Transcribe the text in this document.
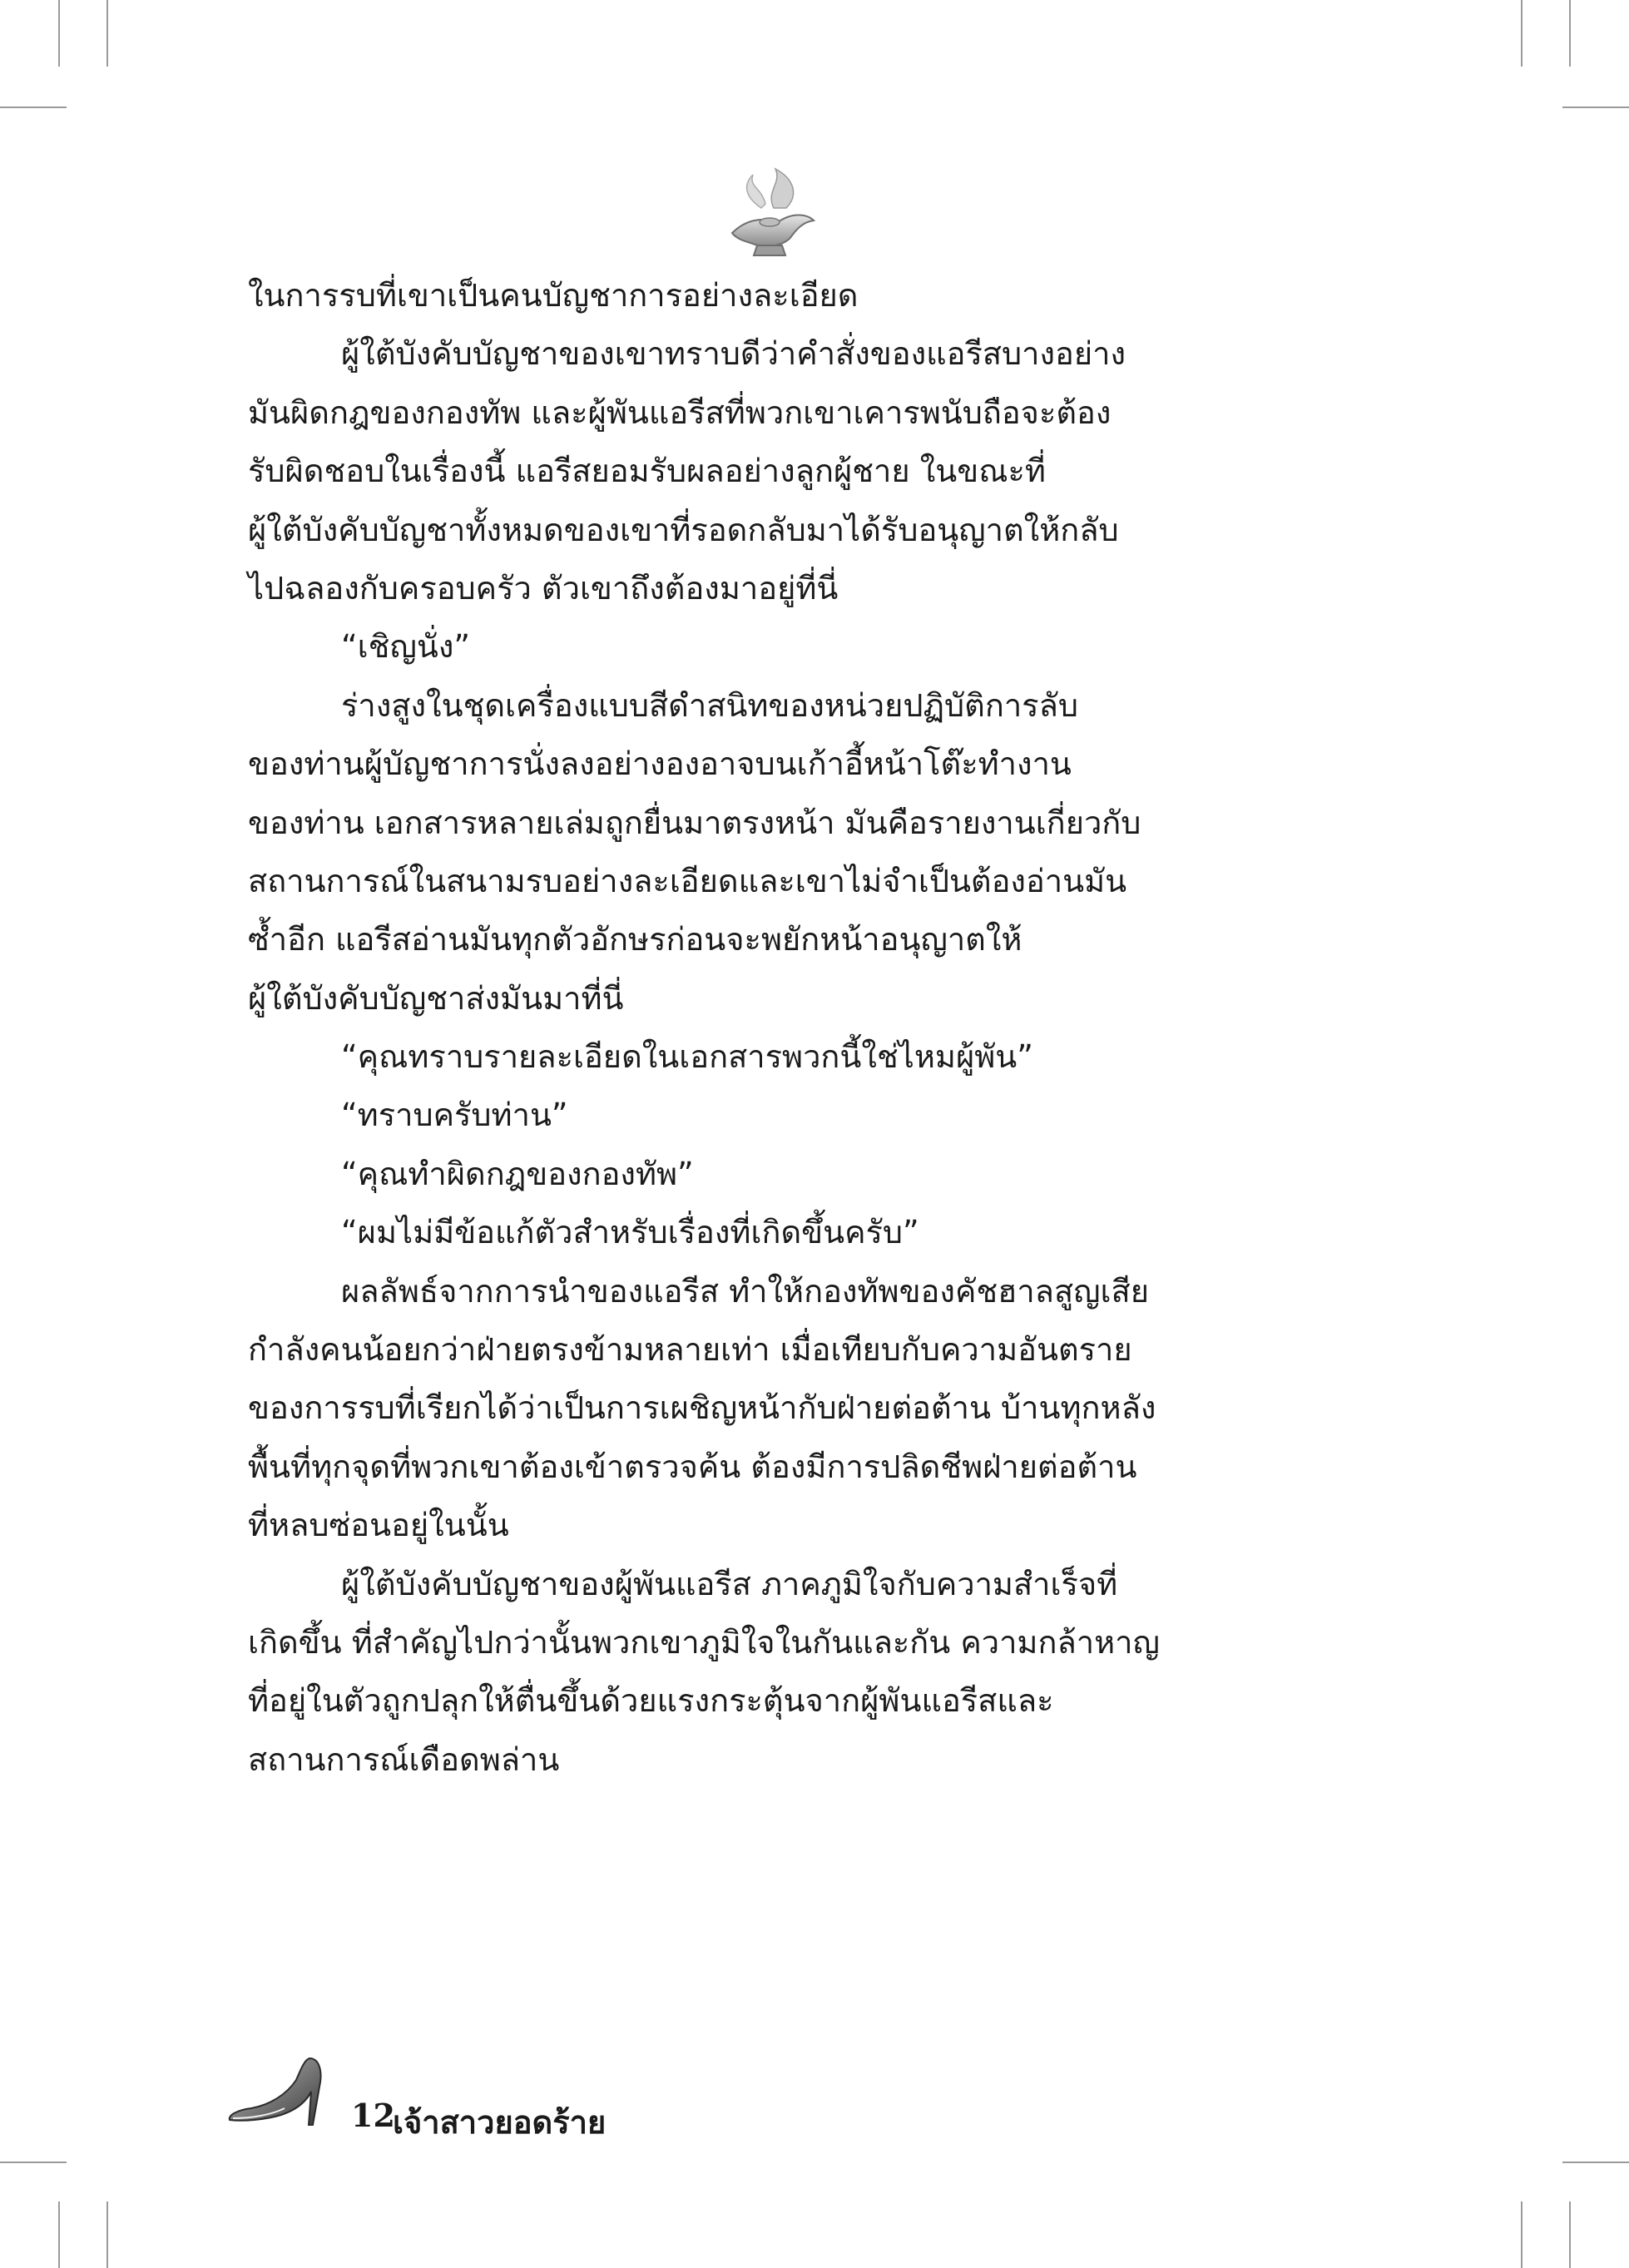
ในการรบที่เขาเป็นคนบัญชาการอย่างละเอียด
ผู้ใต้บังคับบัญชาของเขาทราบดีว่าคำสั่งของแอรีสบางอย่าง
มันผิดกฎของกองทัพ และผู้พันแอรีสที่พวกเขาเคารพนับถือจะต้อง
รับผิดชอบในเรื่องนี้ แอรีสยอมรับผลอย่างลูกผู้ชาย ในขณะที่
ผู้ใต้บังคับบัญชาทั้งหมดของเขาที่รอดกลับมาได้รับอนุญาตให้กลับ
ไปฉลองกับครอบครัว ตัวเขาถึงต้องมาอยู่ที่นี่
“เชิญนั่ง”
ร่างสูงในชุดเครื่องแบบสีดำสนิทของหน่วยปฏิบัติการลับ
ของท่านผู้บัญชาการนั่งลงอย่างองอาจบนเก้าอี้หน้าโต๊ะทำงาน
ของท่าน เอกสารหลายเล่มถูกยื่นมาตรงหน้า มันคือรายงานเกี่ยวกับ
สถานการณ์ในสนามรบอย่างละเอียดและเขาไม่จำเป็นต้องอ่านมัน
ซ้ำอีก แอรีสอ่านมันทุกตัวอักษรก่อนจะพยักหน้าอนุญาตให้
ผู้ใต้บังคับบัญชาส่งมันมาที่นี่
“คุณทราบรายละเอียดในเอกสารพวกนี้ใช่ไหมผู้พัน”
“ทราบครับท่าน”
“คุณทำผิดกฎของกองทัพ”
“ผมไม่มีข้อแก้ตัวสำหรับเรื่องที่เกิดขึ้นครับ”
ผลลัพธ์จากการนำของแอรีส ทำให้กองทัพของคัชฮาลสูญเสีย
กำลังคนน้อยกว่าฝ่ายตรงข้ามหลายเท่า เมื่อเทียบกับความอันตราย
ของการรบที่เรียกได้ว่าเป็นการเผชิญหน้ากับฝ่ายต่อต้าน บ้านทุกหลัง
พื้นที่ทุกจุดที่พวกเขาต้องเข้าตรวจค้น ต้องมีการปลิดชีพฝ่ายต่อต้าน
ที่หลบซ่อนอยู่ในนั้น
ผู้ใต้บังคับบัญชาของผู้พันแอรีส ภาคภูมิใจกับความสำเร็จที่
เกิดขึ้น ที่สำคัญไปกว่านั้นพวกเขาภูมิใจในกันและกัน ความกล้าหาญ
ที่อยู่ในตัวถูกปลุกให้ตื่นขึ้นด้วยแรงกระตุ้นจากผู้พันแอรีสและ
สถานการณ์เดือดพล่าน
12
เจ้าสาวยอดร้าย
